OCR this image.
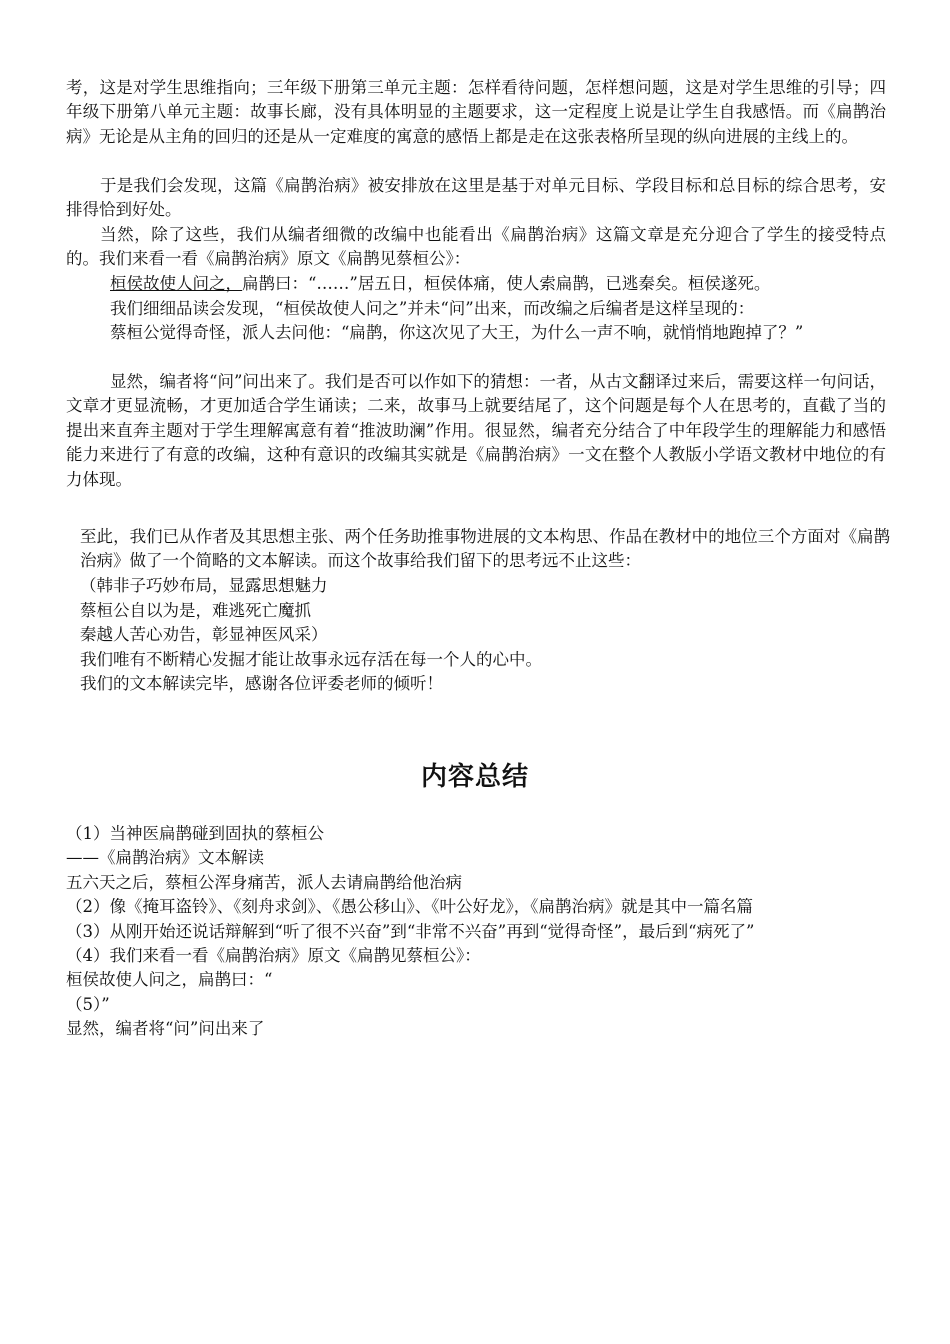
考，这是对学生思维指向；三年级下册第三单元主题：怎样看待问题，怎样想问题，这是对学生思维的引导；四年级下册第八单元主题：故事长廊，没有具体明显的主题要求，这一定程度上说是让学生自我感悟。而《扁鹊治病》无论是从主角的回归的还是从一定难度的寓意的感悟上都是走在这张表格所呈现的纵向进展的主线上的。

于是我们会发现，这篇《扁鹊治病》被安排放在这里是基于对单元目标、学段目标和总目标的综合思考，安排得恰到好处。

当然，除了这些，我们从编者细微的改编中也能看出《扁鹊治病》这篇文章是充分迎合了学生的接受特点的。我们来看一看《扁鹊治病》原文《扁鹊见蔡桓公》：

桓侯故使人问之，扁鹊曰：“……”居五日，桓侯体痛，使人索扁鹊，已逃秦矣。桓侯遂死。

我们细细品读会发现，“桓侯故使人问之”并未“问”出来，而改编之后编者是这样呈现的：

蔡桓公觉得奇怪，派人去问他：“扁鹊，你这次见了大王，为什么一声不响，就悄悄地跑掉了？”

显然，编者将“问”问出来了。我们是否可以作如下的猜想：一者，从古文翻译过来后，需要这样一句问话，文章才更显流畅，才更加适合学生诵读；二来，故事马上就要结尾了，这个问题是每个人在思考的，直截了当的提出来直奔主题对于学生理解寓意有着“推波助澜”作用。很显然，编者充分结合了中年段学生的理解能力和感悟能力来进行了有意的改编，这种有意识的改编其实就是《扁鹊治病》一文在整个人教版小学语文教材中地位的有力体现。

至此，我们已从作者及其思想主张、两个任务助推事物进展的文本构思、作品在教材中的地位三个方面对《扁鹊治病》做了一个简略的文本解读。而这个故事给我们留下的思考远不止这些：

（韩非子巧妙布局，显露思想魅力

蔡桓公自以为是，难逃死亡魔抓

秦越人苦心劝告，彰显神医风采）

我们唯有不断精心发掘才能让故事永远存活在每一个人的心中。

我们的文本解读完毕，感谢各位评委老师的倾听！

内容总结
（1）当神医扁鹊碰到固执的蔡桓公
——《扁鹊治病》文本解读
五六天之后，蔡桓公浑身痛苦，派人去请扁鹊给他治病
（2）像《掩耳盗铃》、《刻舟求剑》、《愚公移山》、《叶公好龙》，《扁鹊治病》就是其中一篇名篇
（3）从刚开始还说话辩解到“听了很不兴奋”到“非常不兴奋”再到“觉得奇怪”，最后到“病死了”
（4）我们来看一看《扁鹊治病》原文《扁鹊见蔡桓公》：
桓侯故使人问之，扁鹊曰：“
（5）”
显然，编者将“问”问出来了
